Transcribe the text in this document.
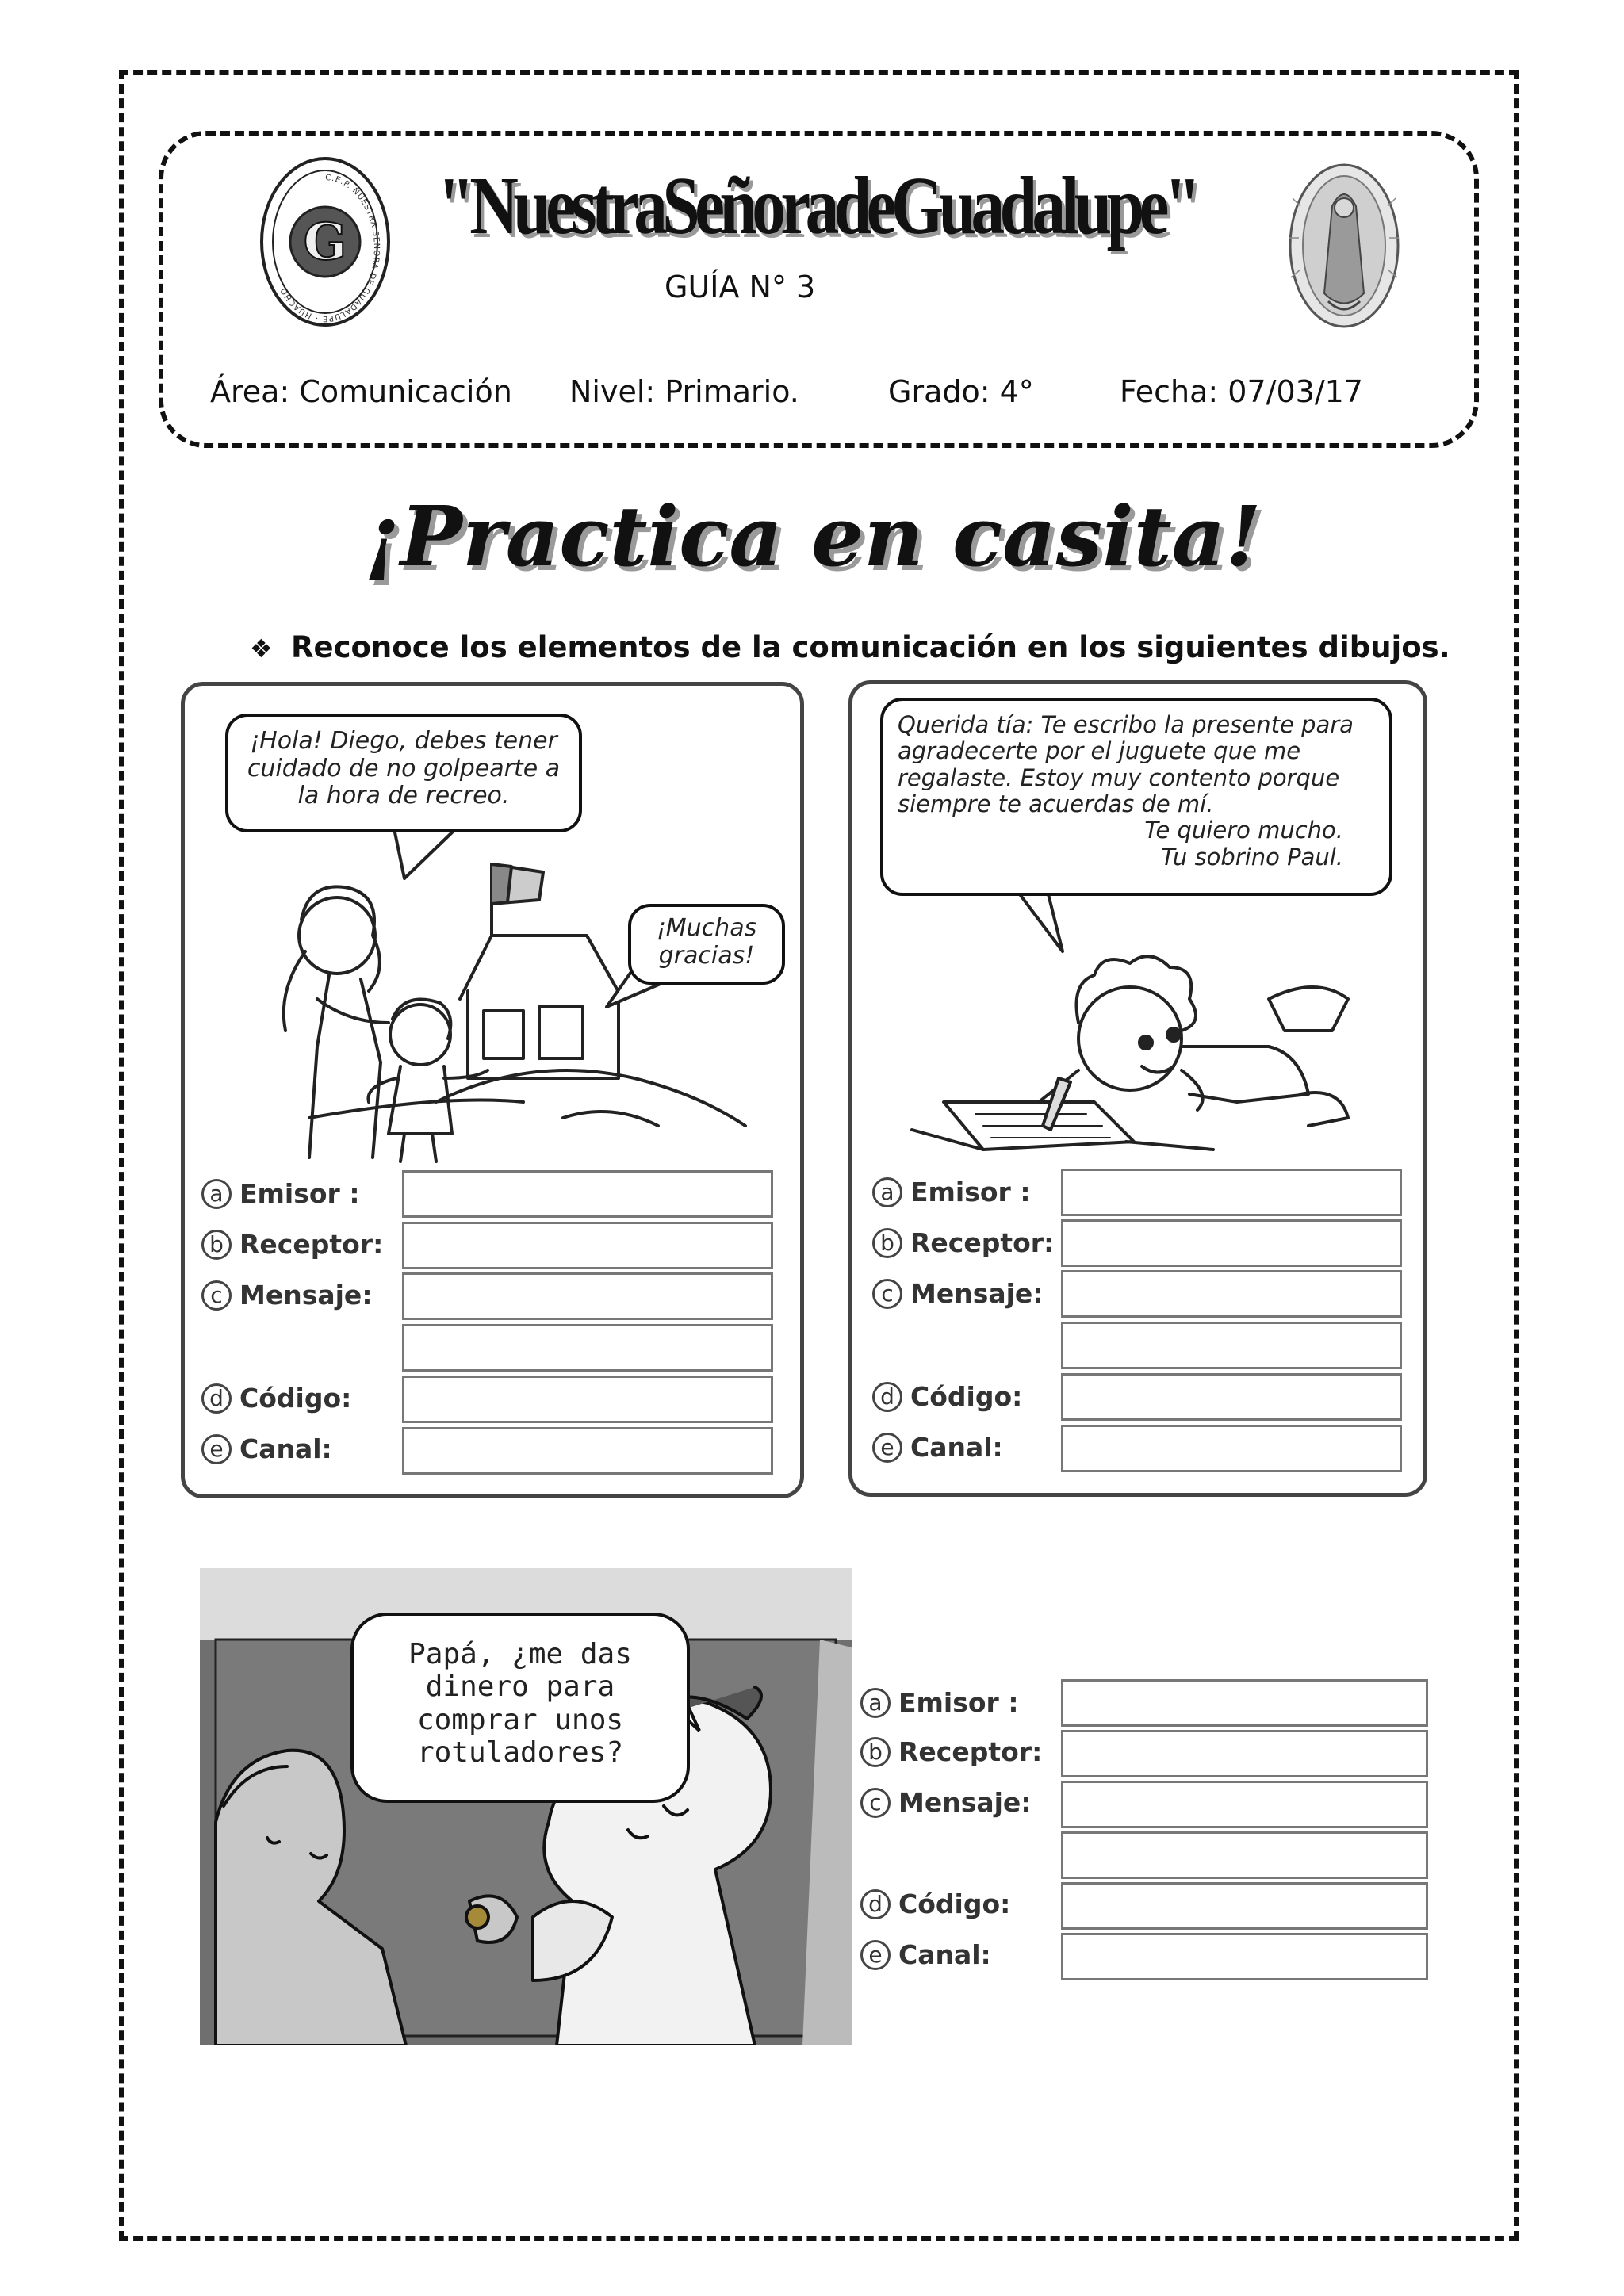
C.E.P. NUESTRA SEÑORA DE GUADALUPE · HUACHO
G "NuestraSeñoradeGuadalupe"
GUÍA N° 3
Área: Comunicación Nivel: Primario.	Grado: 4°	Fecha: 07/03/17
¡Practica en casita!
❖ Reconoce los elementos de la comunicación en los siguientes dibujos.
¡Hola! Diego, debes tener cuidado de no golpearte a la hora de recreo.
¡Muchas gracias!
Querida tía: Te escribo la presente para agradecerte por el juguete que me regalaste. Estoy muy contento porque siempre te acuerdas de mí.
Te quiero mucho.
Tu sobrino Paul.
Papá, ¿me das dinero para comprar unos rotuladores?
a Emisor :
b Receptor:
c Mensaje:
d Código:
e Canal:
a Emisor :
b Receptor:
c Mensaje:
d Código:
e Canal:
a Emisor :
b Receptor:
c Mensaje:
d Código:
e Canal:
